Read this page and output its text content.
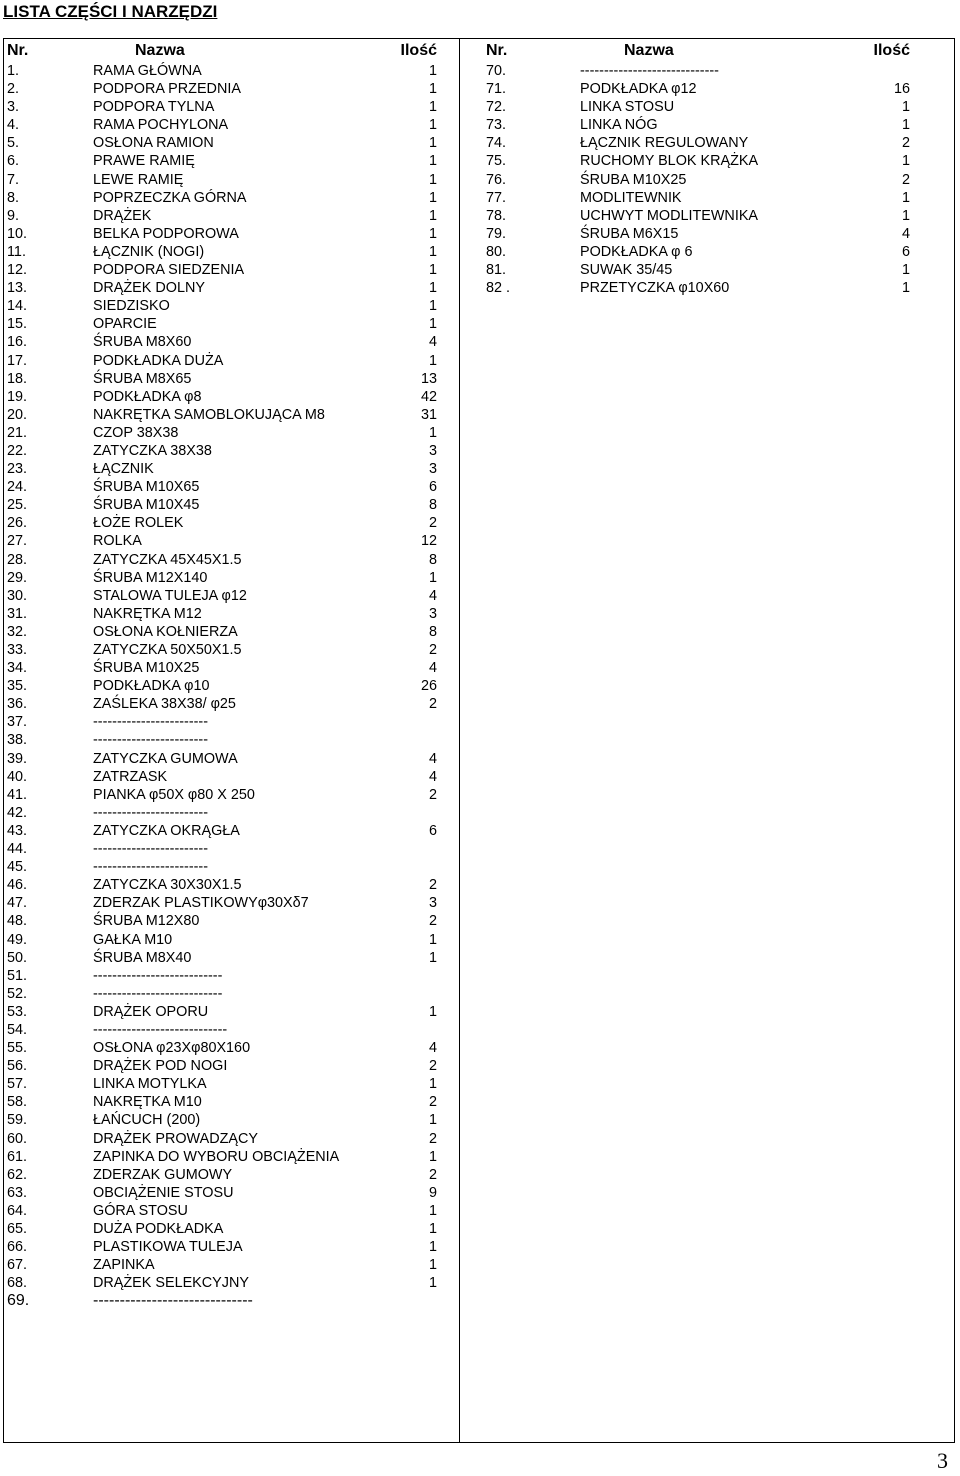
LISTA CZĘŚCI I NARZĘDZI
Nr.	Nazwa	Ilość
1.	RAMA GŁÓWNA	1
2.	PODPORA PRZEDNIA	1
3.	PODPORA TYLNA	1
4.	RAMA POCHYLONA	1
5.	OSŁONA RAMION	1
6.	PRAWE RAMIĘ	1
7.	LEWE RAMIĘ	1
8.	POPRZECZKA GÓRNA	1
9.	DRĄŻEK	1
10.	BELKA PODPOROWA	1
11.	ŁĄCZNIK (NOGI)	1
12.	PODPORA SIEDZENIA	1
13.	DRĄŻEK DOLNY	1
14.	SIEDZISKO	1
15.	OPARCIE	1
16.	ŚRUBA M8X60	4
17.	PODKŁADKA DUŻA	1
18.	ŚRUBA M8X65	13
19.	PODKŁADKA φ8	42
20.	NAKRĘTKA SAMOBLOKUJĄCA M8	31
21.	CZOP 38X38	1
22.	ZATYCZKA 38X38	3
23.	ŁĄCZNIK	3
24.	ŚRUBA M10X65	6
25.	ŚRUBA M10X45	8
26.	ŁOŻE ROLEK	2
27.	ROLKA	12
28.	ZATYCZKA 45X45X1.5	8
29.	ŚRUBA M12X140	1
30.	STALOWA TULEJA φ12	4
31.	NAKRĘTKA M12	3
32.	OSŁONA KOŁNIERZA	8
33.	ZATYCZKA 50X50X1.5	2
34.	ŚRUBA M10X25	4
35.	PODKŁADKA φ10	26
36.	ZAŚLEKA 38X38/ φ25	2
37.	------------------------
38.	------------------------
39.	ZATYCZKA GUMOWA	4
40.	ZATRZASK	4
41.	PIANKA φ50X φ80 X 250	2
42.	------------------------
43.	ZATYCZKA OKRĄGŁA	6
44.	------------------------
45.	------------------------
46.	ZATYCZKA 30X30X1.5	2
47.	ZDERZAK PLASTIKOWYφ30Xδ7	3
48.	ŚRUBA M12X80	2
49.	GAŁKA M10	1
50.	ŚRUBA M8X40	1
51.	---------------------------
52.	---------------------------
53.	DRĄŻEK OPORU	1
54.	----------------------------
55.	OSŁONA φ23Xφ80X160	4
56.	DRĄŻEK POD NOGI	2
57.	LINKA MOTYLKA	1
58.	NAKRĘTKA M10	2
59.	ŁAŃCUCH (200)	1
60.	DRĄŻEK PROWADZĄCY	2
61.	ZAPINKA DO WYBORU OBCIĄŻENIA	1
62.	ZDERZAK GUMOWY	2
63.	OBCIĄŻENIE STOSU	9
64.	GÓRA STOSU	1
65.	DUŻA PODKŁADKA	1
66.	PLASTIKOWA TULEJA	1
67.	ZAPINKA	1
68.	DRĄŻEK SELEKCYJNY	1
69.	------------------------------
Nr.	Nazwa	Ilość
70.	-----------------------------
71.	PODKŁADKA φ12	16
72.	LINKA STOSU	1
73.	LINKA NÓG	1
74.	ŁĄCZNIK REGULOWANY	2
75.	RUCHOMY BLOK KRĄŻKA	1
76.	ŚRUBA M10X25	2
77.	MODLITEWNIK	1
78.	UCHWYT MODLITEWNIKA	1
79.	ŚRUBA M6X15	4
80.	PODKŁADKA φ 6	6
81.	SUWAK 35/45	1
82 .	PRZETYCZKA φ10X60	1
3
